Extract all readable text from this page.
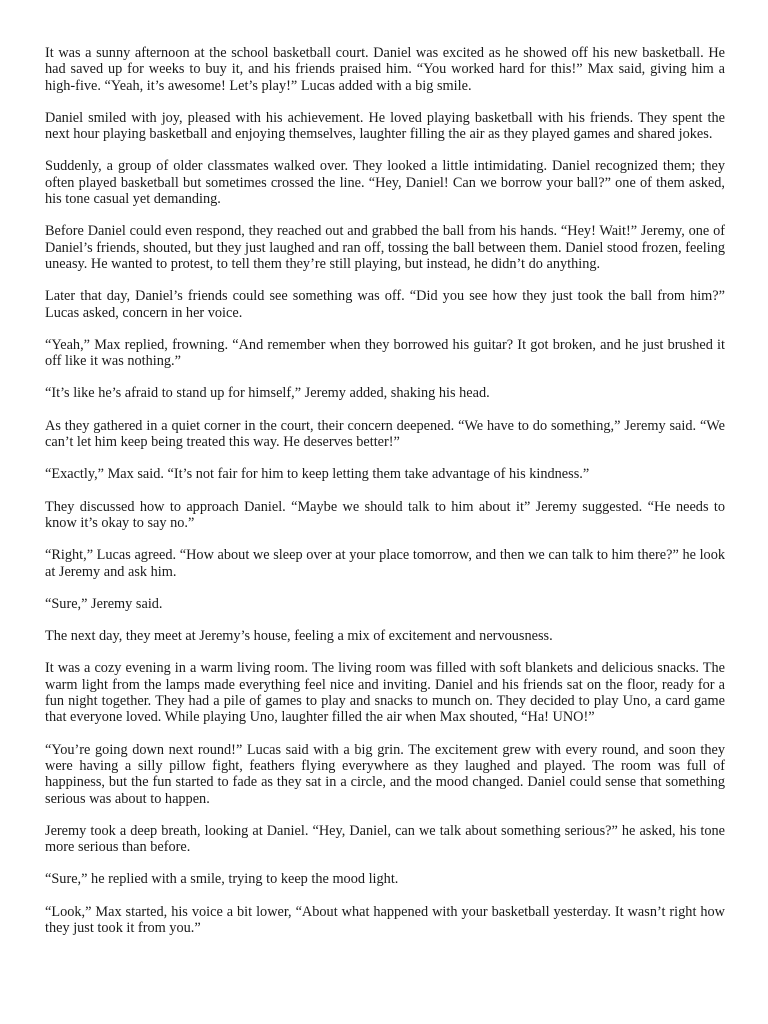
It was a sunny afternoon at the school basketball court. Daniel was excited as he showed off his new basketball. He had saved up for weeks to buy it, and his friends praised him. “You worked hard for this!” Max said, giving him a high-five. “Yeah, it’s awesome! Let’s play!” Lucas added with a big smile.

Daniel smiled with joy, pleased with his achievement. He loved playing basketball with his friends. They spent the next hour playing basketball and enjoying themselves, laughter filling the air as they played games and shared jokes.

Suddenly, a group of older classmates walked over. They looked a little intimidating. Daniel recognized them; they often played basketball but sometimes crossed the line. “Hey, Daniel! Can we borrow your ball?” one of them asked, his tone casual yet demanding.

Before Daniel could even respond, they reached out and grabbed the ball from his hands. “Hey! Wait!” Jeremy, one of Daniel’s friends, shouted, but they just laughed and ran off, tossing the ball between them. Daniel stood frozen, feeling uneasy. He wanted to protest, to tell them they’re still playing, but instead, he didn’t do anything.

Later that day, Daniel’s friends could see something was off. “Did you see how they just took the ball from him?” Lucas asked, concern in her voice.

“Yeah,” Max replied, frowning. “And remember when they borrowed his guitar? It got broken, and he just brushed it off like it was nothing.”

“It’s like he’s afraid to stand up for himself,” Jeremy added, shaking his head.

As they gathered in a quiet corner in the court, their concern deepened. “We have to do something,” Jeremy said. “We can’t let him keep being treated this way. He deserves better!”

“Exactly,” Max said. “It’s not fair for him to keep letting them take advantage of his kindness.”

They discussed how to approach Daniel. “Maybe we should talk to him about it” Jeremy suggested. “He needs to know it’s okay to say no.”

“Right,” Lucas agreed. “How about we sleep over at your place tomorrow, and then we can talk to him there?” he look at Jeremy and ask him.

“Sure,” Jeremy said.

The next day, they meet at Jeremy’s house, feeling a mix of excitement and nervousness.

It was a cozy evening in a warm living room. The living room was filled with soft blankets and delicious snacks. The warm light from the lamps made everything feel nice and inviting. Daniel and his friends sat on the floor, ready for a fun night together. They had a pile of games to play and snacks to munch on. They decided to play Uno, a card game that everyone loved. While playing Uno, laughter filled the air when Max shouted, “Ha! UNO!”

“You’re going down next round!” Lucas said with a big grin. The excitement grew with every round, and soon they were having a silly pillow fight, feathers flying everywhere as they laughed and played. The room was full of happiness, but the fun started to fade as they sat in a circle, and the mood changed. Daniel could sense that something serious was about to happen.

Jeremy took a deep breath, looking at Daniel. “Hey, Daniel, can we talk about something serious?” he asked, his tone more serious than before.

“Sure,” he replied with a smile, trying to keep the mood light.

“Look,” Max started, his voice a bit lower, “About what happened with your basketball yesterday. It wasn’t right how they just took it from you.”
